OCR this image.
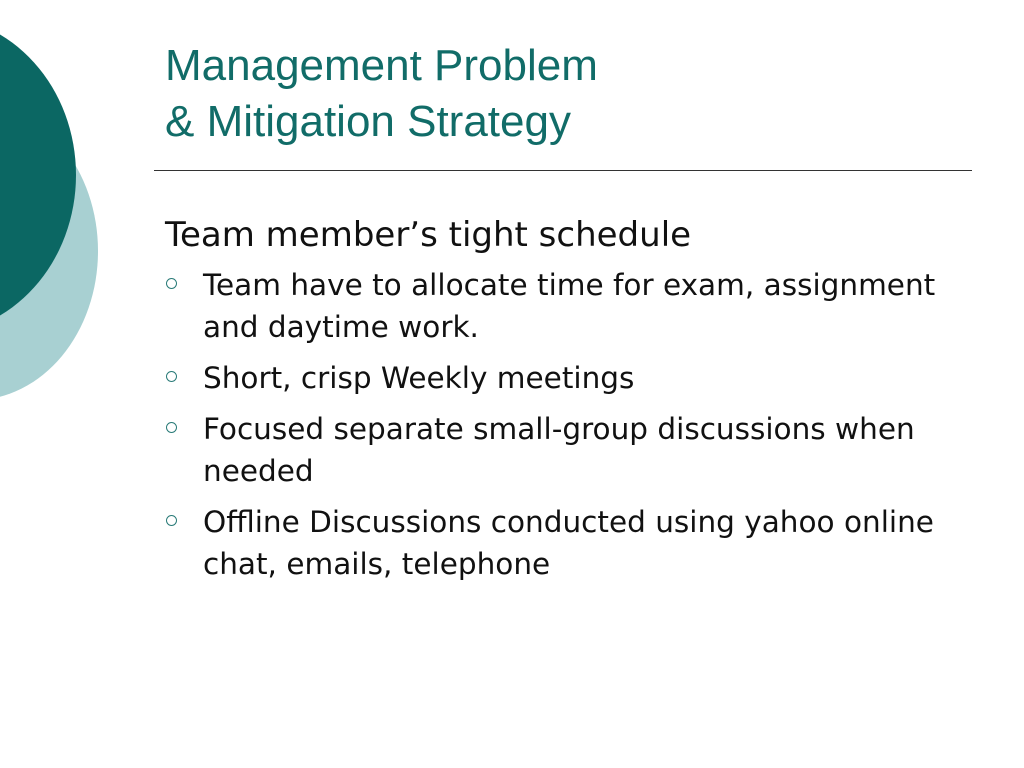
Management Problem
& Mitigation Strategy

Team member’s tight schedule

Team have to allocate time for exam, assignment and daytime work.
Short, crisp Weekly meetings
Focused separate small-group discussions when needed
Offline Discussions conducted using yahoo online chat, emails, telephone
